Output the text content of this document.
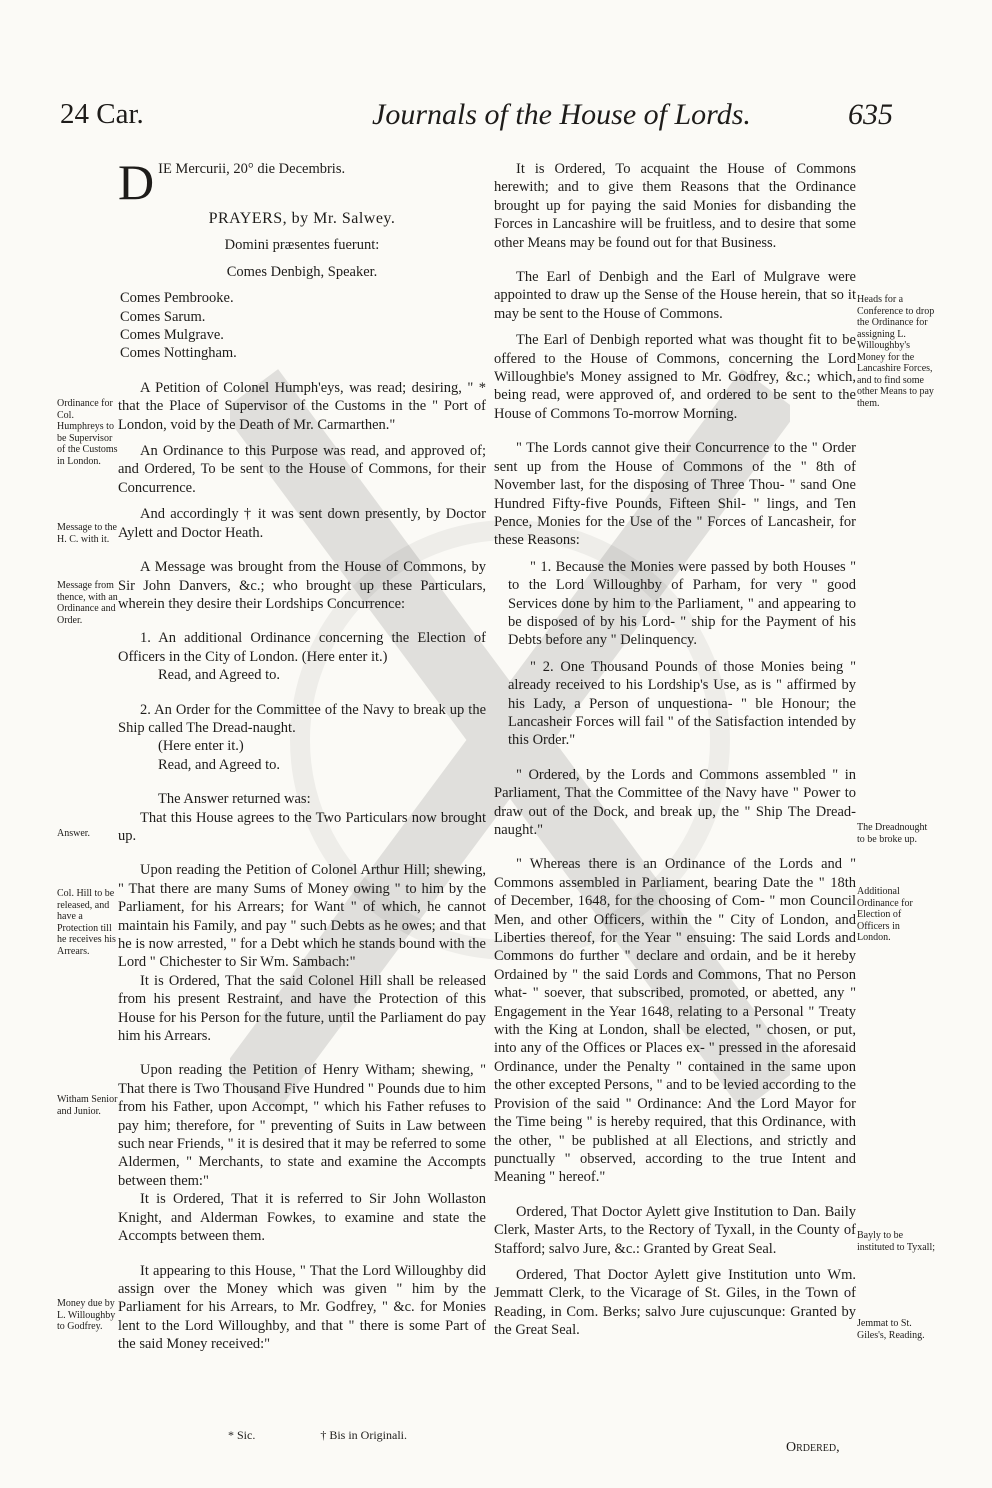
24 Car.	Journals of the House of Lords.	635
Ordinance for Col. Humphreys to be Supervisor of the Customs in London.
Message to the H. C. with it.
Message from thence, with an Ordinance and Order.
Answer.
Col. Hill to be released, and have a Protection till he receives his Arrears.
Witham Senior and Junior.
Money due by L. Willoughby to Godfrey.
Heads for a Conference to drop the Ordinance for assigning L. Willoughby's Money for the Lancashire Forces, and to find some other Means to pay them.
The Dreadnought to be broke up.
Additional Ordinance for Election of Officers in London.
Bayly to be instituted to Tyxall;
Jemmat to St. Giles's, Reading.

DIE Mercurii, 20° die Decembris.

PRAYERS, by Mr. Salwey.

Domini præsentes fuerunt:

Comes Denbigh, Speaker.

Comes Pembrooke.

Comes Sarum.

Comes Mulgrave.

Comes Nottingham.

A Petition of Colonel Humph'eys, was read; desiring, " * that the Place of Supervisor of the Customs in the " Port of London, void by the Death of Mr. Carmarthen."

An Ordinance to this Purpose was read, and approved of; and Ordered, To be sent to the House of Commons, for their Concurrence.

And accordingly † it was sent down presently, by Doctor Aylett and Doctor Heath.

A Message was brought from the House of Commons, by Sir John Danvers, &c.; who brought up these Particulars, wherein they desire their Lordships Concurrence:

1. An additional Ordinance concerning the Election of Officers in the City of London. (Here enter it.)

Read, and Agreed to.

2. An Order for the Committee of the Navy to break up the Ship called The Dread-naught.

(Here enter it.)

Read, and Agreed to.

The Answer returned was:

That this House agrees to the Two Particulars now brought up.

Upon reading the Petition of Colonel Arthur Hill; shewing, " That there are many Sums of Money owing " to him by the Parliament, for his Arrears; for Want " of which, he cannot maintain his Family, and pay " such Debts as he owes; and that he is now arrested, " for a Debt which he stands bound with the Lord " Chichester to Sir Wm. Sambach:"

It is Ordered, That the said Colonel Hill shall be released from his present Restraint, and have the Protection of this House for his Person for the future, until the Parliament do pay him his Arrears.

Upon reading the Petition of Henry Witham; shewing, " That there is Two Thousand Five Hundred " Pounds due to him from his Father, upon Accompt, " which his Father refuses to pay him; therefore, for " preventing of Suits in Law between such near Friends, " it is desired that it may be referred to some Aldermen, " Merchants, to state and examine the Accompts between them:"

It is Ordered, That it is referred to Sir John Wollaston Knight, and Alderman Fowkes, to examine and state the Accompts between them.

It appearing to this House, " That the Lord Willoughby did assign over the Money which was given " him by the Parliament for his Arrears, to Mr. Godfrey, " &c. for Monies lent to the Lord Willoughby, and that " there is some Part of the said Money received:"

It is Ordered, To acquaint the House of Commons herewith; and to give them Reasons that the Ordinance brought up for paying the said Monies for disbanding the Forces in Lancashire will be fruitless, and to desire that some other Means may be found out for that Business.

The Earl of Denbigh and the Earl of Mulgrave were appointed to draw up the Sense of the House herein, that so it may be sent to the House of Commons.

The Earl of Denbigh reported what was thought fit to be offered to the House of Commons, concerning the Lord Willoughbie's Money assigned to Mr. Godfrey, &c.; which, being read, were approved of, and ordered to be sent to the House of Commons To-morrow Morning.

" The Lords cannot give their Concurrence to the " Order sent up from the House of Commons of the " 8th of November last, for the disposing of Three Thou- " sand One Hundred Fifty-five Pounds, Fifteen Shil- " lings, and Ten Pence, Monies for the Use of the " Forces of Lancasheir, for these Reasons:

" 1. Because the Monies were passed by both Houses " to the Lord Willoughby of Parham, for very " good Services done by him to the Parliament, " and appearing to be disposed of by his Lord- " ship for the Payment of his Debts before any " Delinquency.

" 2. One Thousand Pounds of those Monies being " already received to his Lordship's Use, as is " affirmed by his Lady, a Person of unquestiona- " ble Honour; the Lancasheir Forces will fail " of the Satisfaction intended by this Order."

" Ordered, by the Lords and Commons assembled " in Parliament, That the Committee of the Navy have " Power to draw out of the Dock, and break up, the " Ship The Dread-naught."

" Whereas there is an Ordinance of the Lords and " Commons assembled in Parliament, bearing Date the " 18th of December, 1648, for the choosing of Com- " mon Council Men, and other Officers, within the " City of London, and Liberties thereof, for the Year " ensuing: The said Lords and Commons do further " declare and ordain, and be it hereby Ordained by " the said Lords and Commons, That no Person what- " soever, that subscribed, promoted, or abetted, any " Engagement in the Year 1648, relating to a Personal " Treaty with the King at London, shall be elected, " chosen, or put, into any of the Offices or Places ex- " pressed in the aforesaid Ordinance, under the Penalty " contained in the same upon the other excepted Persons, " and to be levied according to the Provision of the said " Ordinance: And the Lord Mayor for the Time being " is hereby required, that this Ordinance, with the other, " be published at all Elections, and strictly and punctually " observed, according to the true Intent and Meaning " hereof."

Ordered, That Doctor Aylett give Institution to Dan. Baily Clerk, Master Arts, to the Rectory of Tyxall, in the County of Stafford; salvo Jure, &c.: Granted by Great Seal.

Ordered, That Doctor Aylett give Institution unto Wm. Jemmatt Clerk, to the Vicarage of St. Giles, in the Town of Reading, in Com. Berks; salvo Jure cujuscunque: Granted by the Great Seal.

* Sic.	† Bis in Originali.
Ordered,
